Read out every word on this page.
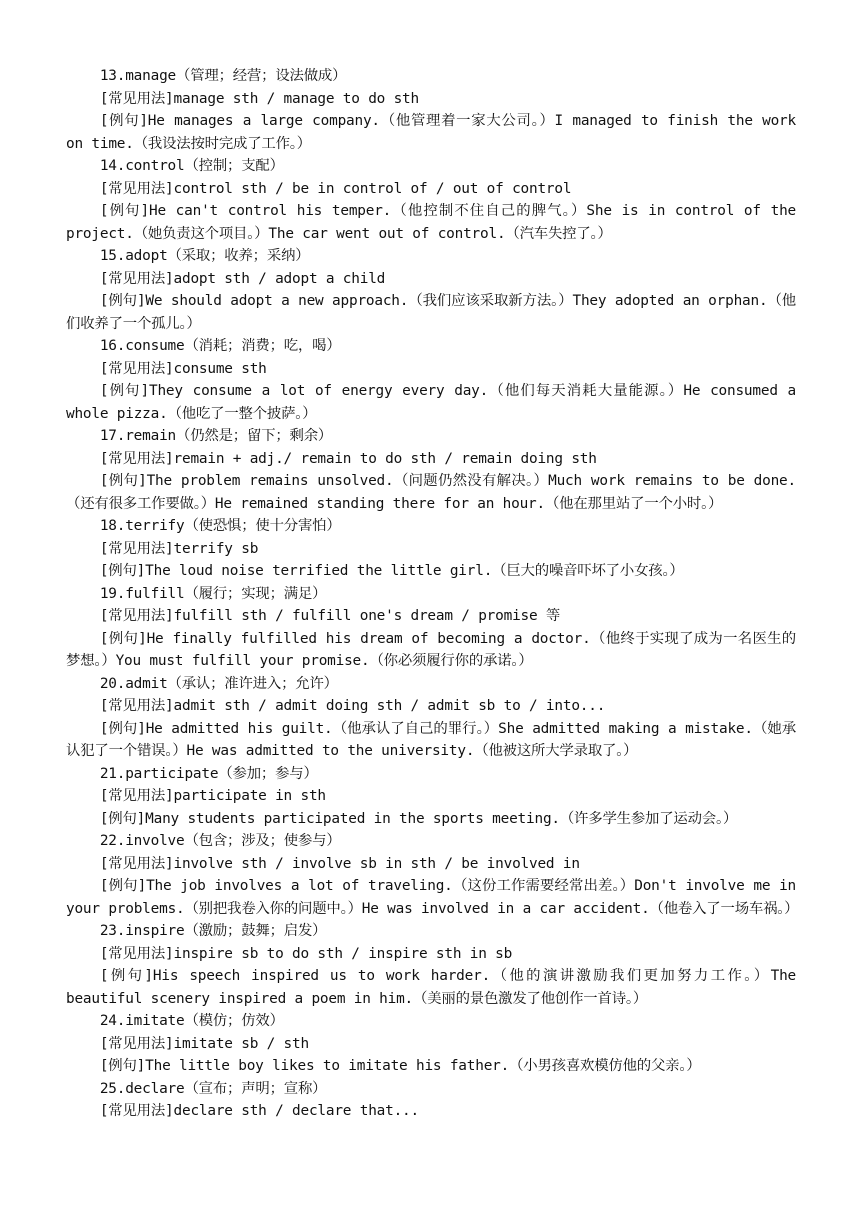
13.manage（管理；经营；设法做成）

[常见用法]manage sth / manage to do sth

[例句]He manages a large company.（他管理着一家大公司。）I managed to finish the work on time.（我设法按时完成了工作。）

14.control（控制；支配）

[常见用法]control sth / be in control of / out of control

[例句]He can't control his temper.（他控制不住自己的脾气。）She is in control of the project.（她负责这个项目。）The car went out of control.（汽车失控了。）

15.adopt（采取；收养；采纳）

[常见用法]adopt sth / adopt a child

[例句]We should adopt a new approach.（我们应该采取新方法。）They adopted an orphan.（他们收养了一个孤儿。）

16.consume（消耗；消费；吃，喝）

[常见用法]consume sth

[例句]They consume a lot of energy every day.（他们每天消耗大量能源。）He consumed a whole pizza.（他吃了一整个披萨。）

17.remain（仍然是；留下；剩余）

[常见用法]remain + adj./ remain to do sth / remain doing sth

[例句]The problem remains unsolved.（问题仍然没有解决。）Much work remains to be done.（还有很多工作要做。）He remained standing there for an hour.（他在那里站了一个小时。）

18.terrify（使恐惧；使十分害怕）

[常见用法]terrify sb

[例句]The loud noise terrified the little girl.（巨大的噪音吓坏了小女孩。）

19.fulfill（履行；实现；满足）

[常见用法]fulfill sth / fulfill one's dream / promise 等

[例句]He finally fulfilled his dream of becoming a doctor.（他终于实现了成为一名医生的梦想。）You must fulfill your promise.（你必须履行你的承诺。）

20.admit（承认；准许进入；允许）

[常见用法]admit sth / admit doing sth / admit sb to / into...

[例句]He admitted his guilt.（他承认了自己的罪行。）She admitted making a mistake.（她承认犯了一个错误。）He was admitted to the university.（他被这所大学录取了。）

21.participate（参加；参与）

[常见用法]participate in sth

[例句]Many students participated in the sports meeting.（许多学生参加了运动会。）

22.involve（包含；涉及；使参与）

[常见用法]involve sth / involve sb in sth / be involved in

[例句]The job involves a lot of traveling.（这份工作需要经常出差。）Don't involve me in your problems.（别把我卷入你的问题中。）He was involved in a car accident.（他卷入了一场车祸。）

23.inspire（激励；鼓舞；启发）

[常见用法]inspire sb to do sth / inspire sth in sb

[例句]His speech inspired us to work harder.（他的演讲激励我们更加努力工作。）The beautiful scenery inspired a poem in him.（美丽的景色激发了他创作一首诗。）

24.imitate（模仿；仿效）

[常见用法]imitate sb / sth

[例句]The little boy likes to imitate his father.（小男孩喜欢模仿他的父亲。）

25.declare（宣布；声明；宣称）

[常见用法]declare sth / declare that...
